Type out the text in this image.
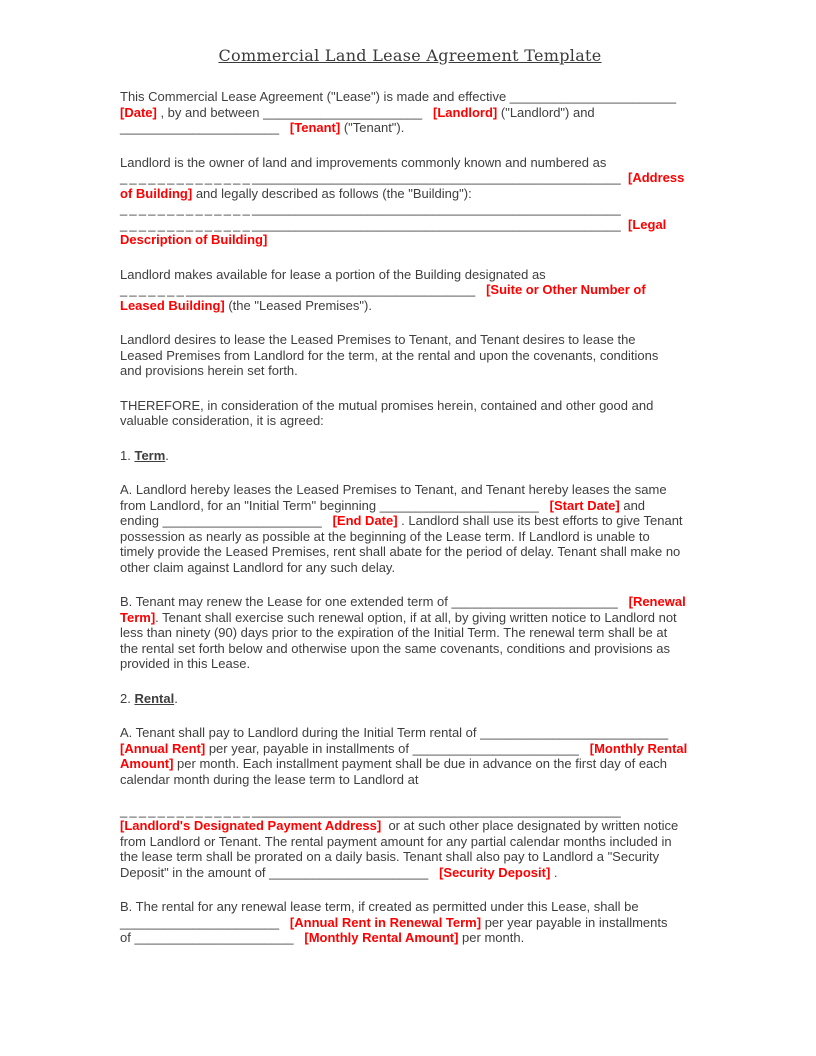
Commercial Land Lease Agreement Template
This Commercial Lease Agreement ("Lease") is made and effective _______________________
[Date] , by and between ______________________ [Landlord] ("Landlord") and
______________________ [Tenant] ("Tenant").
Landlord is the owner of land and improvements commonly known and numbered as
_________________________________________________________________ [Address
of Building] and legally described as follows (the "Building"):
_________________________________________________________________
_________________________________________________________________ [Legal
Description of Building]
Landlord makes available for lease a portion of the Building designated as
_______________________________________________ [Suite or Other Number of
Leased Building] (the "Leased Premises").
Landlord desires to lease the Leased Premises to Tenant, and Tenant desires to lease the
Leased Premises from Landlord for the term, at the rental and upon the covenants, conditions
and provisions herein set forth.
THEREFORE, in consideration of the mutual promises herein, contained and other good and
valuable consideration, it is agreed:
1. Term.
A. Landlord hereby leases the Leased Premises to Tenant, and Tenant hereby leases the same
from Landlord, for an "Initial Term" beginning ______________________ [Start Date] and
ending ______________________ [End Date] . Landlord shall use its best efforts to give Tenant
possession as nearly as possible at the beginning of the Lease term. If Landlord is unable to
timely provide the Leased Premises, rent shall abate for the period of delay. Tenant shall make no
other claim against Landlord for any such delay.
B. Tenant may renew the Lease for one extended term of _______________________ [Renewal
Term]. Tenant shall exercise such renewal option, if at all, by giving written notice to Landlord not
less than ninety (90) days prior to the expiration of the Initial Term. The renewal term shall be at
the rental set forth below and otherwise upon the same covenants, conditions and provisions as
provided in this Lease.
2. Rental.
A. Tenant shall pay to Landlord during the Initial Term rental of __________________________
[Annual Rent] per year, payable in installments of _______________________ [Monthly Rental
Amount] per month. Each installment payment shall be due in advance on the first day of each
calendar month during the lease term to Landlord at

_________________________________________________________________
[Landlord's Designated Payment Address]  or at such other place designated by written notice
from Landlord or Tenant. The rental payment amount for any partial calendar months included in
the lease term shall be prorated on a daily basis. Tenant shall also pay to Landlord a "Security
Deposit" in the amount of ______________________ [Security Deposit] .
B. The rental for any renewal lease term, if created as permitted under this Lease, shall be
______________________ [Annual Rent in Renewal Term] per year payable in installments
of ______________________ [Monthly Rental Amount] per month.
